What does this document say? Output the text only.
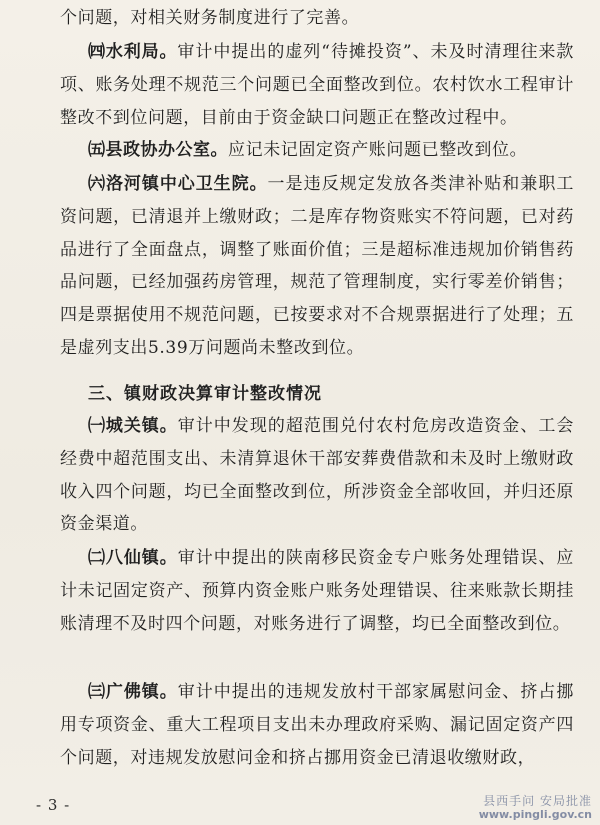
个问题，对相关财务制度进行了完善。

㈣水利局。审计中提出的虚列“待摊投资”、未及时清理往来款项、账务处理不规范三个问题已全面整改到位。农村饮水工程审计整改不到位问题，目前由于资金缺口问题正在整改过程中。

㈤县政协办公室。应记未记固定资产账问题已整改到位。

㈥洛河镇中心卫生院。一是违反规定发放各类津补贴和兼职工资问题，已清退并上缴财政；二是库存物资账实不符问题，已对药品进行了全面盘点，调整了账面价值；三是超标准违规加价销售药品问题，已经加强药房管理，规范了管理制度，实行零差价销售；四是票据使用不规范问题，已按要求对不合规票据进行了处理；五是虚列支出5.39万问题尚未整改到位。

三、镇财政决算审计整改情况

㈠城关镇。审计中发现的超范围兑付农村危房改造资金、工会经费中超范围支出、未清算退休干部安葬费借款和未及时上缴财政收入四个问题，均已全面整改到位，所涉资金全部收回，并归还原资金渠道。

㈡八仙镇。审计中提出的陕南移民资金专户账务处理错误、应计未记固定资产、预算内资金账户账务处理错误、往来账款长期挂账清理不及时四个问题，对账务进行了调整，均已全面整改到位。

㈢广佛镇。审计中提出的违规发放村干部家属慰问金、挤占挪用专项资金、重大工程项目支出未办理政府采购、漏记固定资产四个问题，对违规发放慰问金和挤占挪用资金已清退收缴财政，

- 3 -	县西手问 安局批准
www.pingli.gov.cn
